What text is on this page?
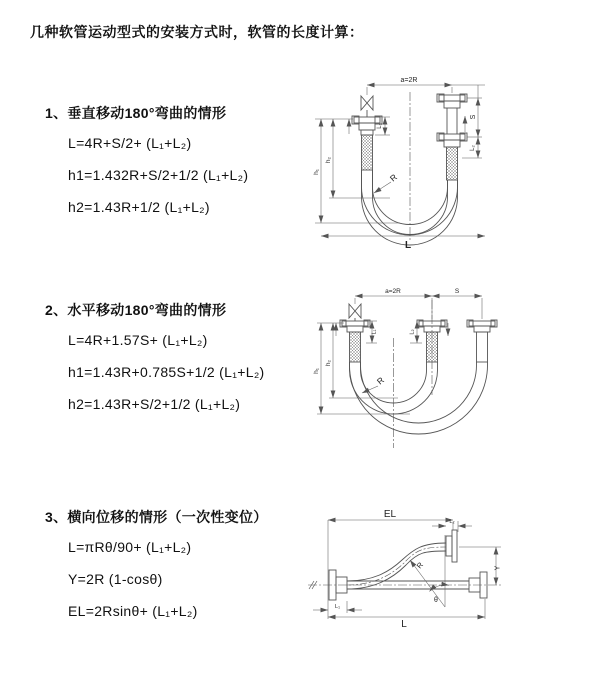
几种软管运动型式的安装方式时，软管的长度计算：
1、垂直移动180°弯曲的情形
L=4R+S/2+ (L₁+L₂)
h1=1.432R+S/2+1/2 (L₁+L₂)
h2=1.43R+1/2 (L₁+L₂)
2、水平移动180°弯曲的情形
L=4R+1.57S+ (L₁+L₂)
h1=1.43R+0.785S+1/2 (L₁+L₂)
h2=1.43R+S/2+1/2 (L₁+L₂)
3、横向位移的情形（一次性变位）
L=πRθ/90+ (L₁+L₂)
Y=2R (1-cosθ)
EL=2Rsinθ+ (L₁+L₂)
a=2R
S
L₂
L₁
h₁
h₂
R
L
a=2R	S
L₁	L₂
h₁
h₂
R
EL
L₂
Y
R
θ
L₁
L
